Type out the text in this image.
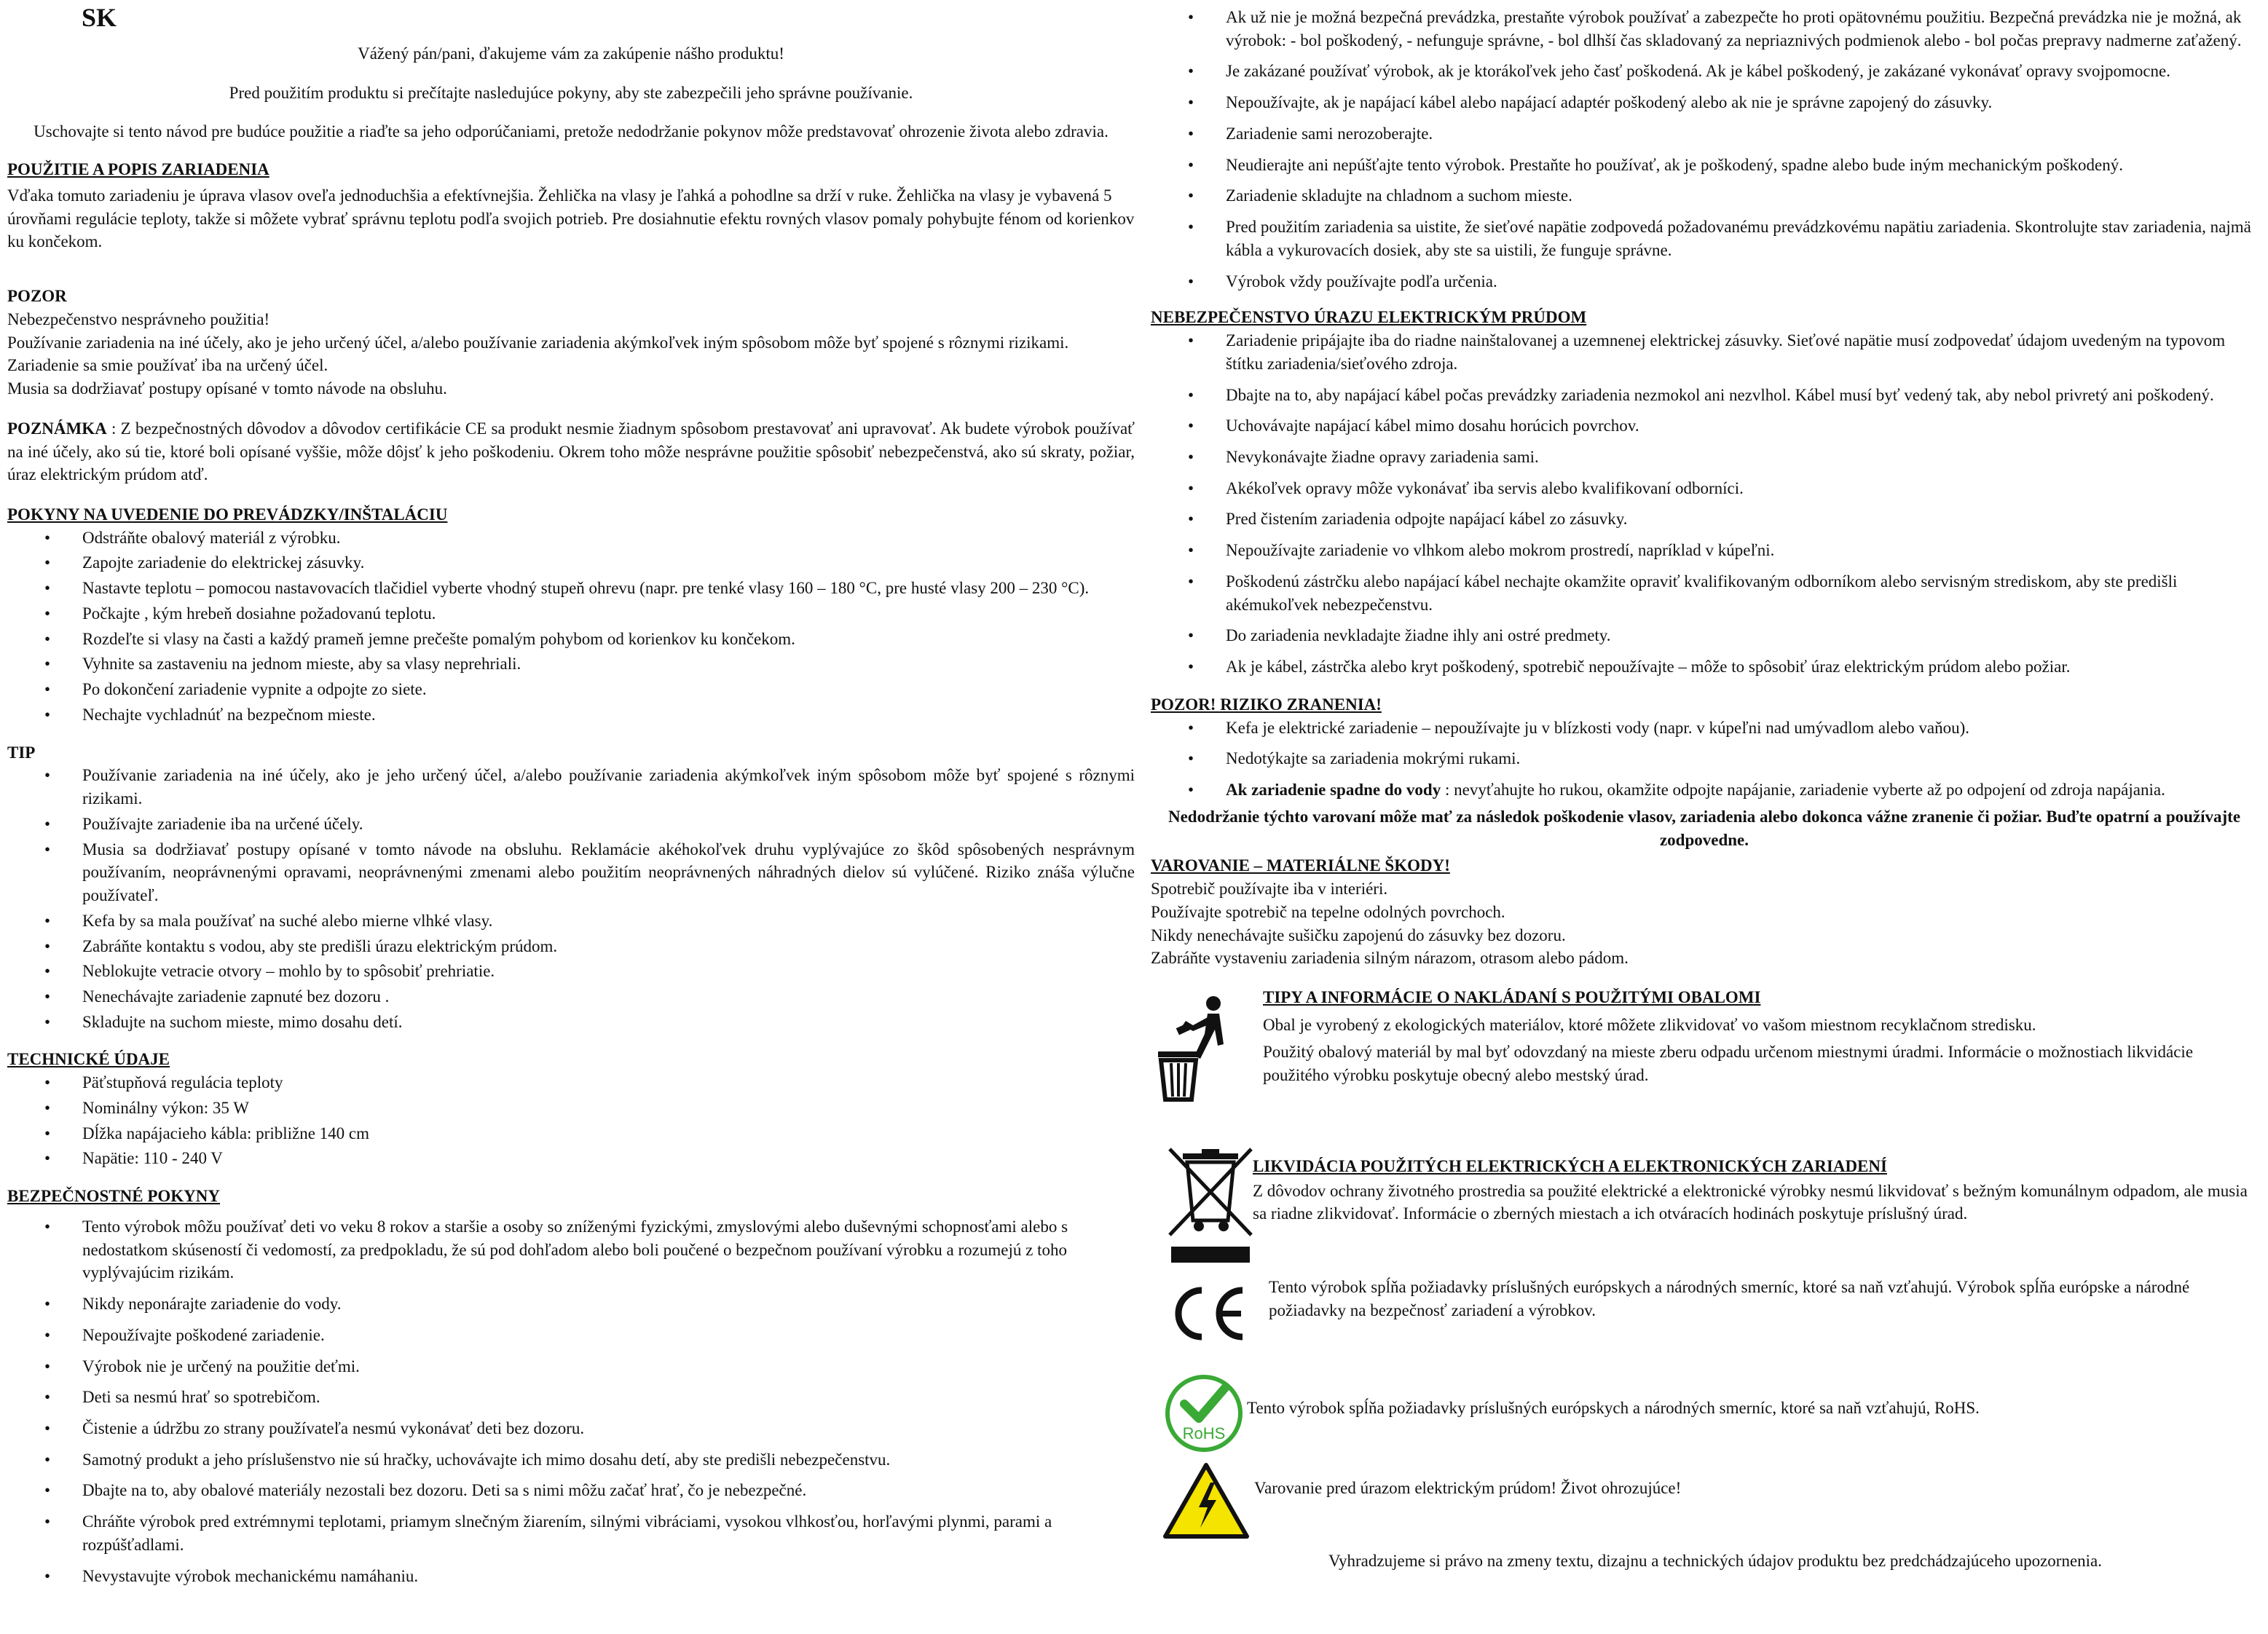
SK

Vážený pán/pani, ďakujeme vám za zakúpenie nášho produktu!

Pred použitím produktu si prečítajte nasledujúce pokyny, aby ste zabezpečili jeho správne používanie.

Uschovajte si tento návod pre budúce použitie a riaďte sa jeho odporúčaniami, pretože nedodržanie pokynov môže predstavovať ohrozenie života alebo zdravia.

POUŽITIE A POPIS ZARIADENIA

Vďaka tomuto zariadeniu je úprava vlasov oveľa jednoduchšia a efektívnejšia. Žehlička na vlasy je ľahká a pohodlne sa drží v ruke. Žehlička na vlasy je vybavená 5 úrovňami regulácie teploty, takže si môžete vybrať správnu teplotu podľa svojich potrieb. Pre dosiahnutie efektu rovných vlasov pomaly pohybujte fénom od korienkov ku končekom.

POZOR

Nebezpečenstvo nesprávneho použitia!

Používanie zariadenia na iné účely, ako je jeho určený účel, a/alebo používanie zariadenia akýmkoľvek iným spôsobom môže byť spojené s rôznymi rizikami.

Zariadenie sa smie používať iba na určený účel.

Musia sa dodržiavať postupy opísané v tomto návode na obsluhu.

POZNÁMKA : Z bezpečnostných dôvodov a dôvodov certifikácie CE sa produkt nesmie žiadnym spôsobom prestavovať ani upravovať. Ak budete výrobok používať na iné účely, ako sú tie, ktoré boli opísané vyššie, môže dôjsť k jeho poškodeniu. Okrem toho môže nesprávne použitie spôsobiť nebezpečenstvá, ako sú skraty, požiar, úraz elektrickým prúdom atď.

POKYNY NA UVEDENIE DO PREVÁDZKY/INŠTALÁCIU
• Odstráňte obalový materiál z výrobku.
• Zapojte zariadenie do elektrickej zásuvky.
• Nastavte teplotu – pomocou nastavovacích tlačidiel vyberte vhodný stupeň ohrevu (napr. pre tenké vlasy 160 – 180 °C, pre husté vlasy 200 – 230 °C).
• Počkajte , kým hrebeň dosiahne požadovanú teplotu.
• Rozdeľte si vlasy na časti a každý prameň jemne prečešte pomalým pohybom od korienkov ku končekom.
• Vyhnite sa zastaveniu na jednom mieste, aby sa vlasy neprehriali.
• Po dokončení zariadenie vypnite a odpojte zo siete.
• Nechajte vychladnúť na bezpečnom mieste.
TIP
• Používanie zariadenia na iné účely, ako je jeho určený účel, a/alebo používanie zariadenia akýmkoľvek iným spôsobom môže byť spojené s rôznymi rizikami.
• Používajte zariadenie iba na určené účely.
• Musia sa dodržiavať postupy opísané v tomto návode na obsluhu. Reklamácie akéhokoľvek druhu vyplývajúce zo škôd spôsobených nesprávnym používaním, neoprávnenými opravami, neoprávnenými zmenami alebo použitím neoprávnených náhradných dielov sú vylúčené. Riziko znáša výlučne používateľ.
• Kefa by sa mala používať na suché alebo mierne vlhké vlasy.
• Zabráňte kontaktu s vodou, aby ste predišli úrazu elektrickým prúdom.
• Neblokujte vetracie otvory – mohlo by to spôsobiť prehriatie.
• Nenechávajte zariadenie zapnuté bez dozoru .
• Skladujte na suchom mieste, mimo dosahu detí.
TECHNICKÉ ÚDAJE
• Päťstupňová regulácia teploty
• Nominálny výkon: 35 W
• Dĺžka napájacieho kábla: približne 140 cm
• Napätie: 110 - 240 V
BEZPEČNOSTNÉ POKYNY
• Tento výrobok môžu používať deti vo veku 8 rokov a staršie a osoby so zníženými fyzickými, zmyslovými alebo duševnými schopnosťami alebo s nedostatkom skúseností či vedomostí, za predpokladu, že sú pod dohľadom alebo boli poučené o bezpečnom používaní výrobku a rozumejú z toho vyplývajúcim rizikám.
• Nikdy neponárajte zariadenie do vody.
• Nepoužívajte poškodené zariadenie.
• Výrobok nie je určený na použitie deťmi.
• Deti sa nesmú hrať so spotrebičom.
• Čistenie a údržbu zo strany používateľa nesmú vykonávať deti bez dozoru.
• Samotný produkt a jeho príslušenstvo nie sú hračky, uchovávajte ich mimo dosahu detí, aby ste predišli nebezpečenstvu.
• Dbajte na to, aby obalové materiály nezostali bez dozoru. Deti sa s nimi môžu začať hrať, čo je nebezpečné.
• Chráňte výrobok pred extrémnymi teplotami, priamym slnečným žiarením, silnými vibráciami, vysokou vlhkosťou, horľavými plynmi, parami a rozpúšťadlami.
• Nevystavujte výrobok mechanickému namáhaniu.
• Ak už nie je možná bezpečná prevádzka, prestaňte výrobok používať a zabezpečte ho proti opätovnému použitiu. Bezpečná prevádzka nie je možná, ak výrobok: - bol poškodený, - nefunguje správne, - bol dlhší čas skladovaný za nepriaznivých podmienok alebo - bol počas prepravy nadmerne zaťažený.
• Je zakázané používať výrobok, ak je ktorákoľvek jeho časť poškodená. Ak je kábel poškodený, je zakázané vykonávať opravy svojpomocne.
• Nepoužívajte, ak je napájací kábel alebo napájací adaptér poškodený alebo ak nie je správne zapojený do zásuvky.
• Zariadenie sami nerozoberajte.
• Neudierajte ani nepúšťajte tento výrobok. Prestaňte ho používať, ak je poškodený, spadne alebo bude iným mechanickým poškodený.
• Zariadenie skladujte na chladnom a suchom mieste.
• Pred použitím zariadenia sa uistite, že sieťové napätie zodpovedá požadovanému prevádzkovému napätiu zariadenia. Skontrolujte stav zariadenia, najmä kábla a vykurovacích dosiek, aby ste sa uistili, že funguje správne.
• Výrobok vždy používajte podľa určenia.
NEBEZPEČENSTVO ÚRAZU ELEKTRICKÝM PRÚDOM
• Zariadenie pripájajte iba do riadne nainštalovanej a uzemnenej elektrickej zásuvky. Sieťové napätie musí zodpovedať údajom uvedeným na typovom štítku zariadenia/sieťového zdroja.
• Dbajte na to, aby napájací kábel počas prevádzky zariadenia nezmokol ani nezvlhol. Kábel musí byť vedený tak, aby nebol privretý ani poškodený.
• Uchovávajte napájací kábel mimo dosahu horúcich povrchov.
• Nevykonávajte žiadne opravy zariadenia sami.
• Akékoľvek opravy môže vykonávať iba servis alebo kvalifikovaní odborníci.
• Pred čistením zariadenia odpojte napájací kábel zo zásuvky.
• Nepoužívajte zariadenie vo vlhkom alebo mokrom prostredí, napríklad v kúpeľni.
• Poškodenú zástrčku alebo napájací kábel nechajte okamžite opraviť kvalifikovaným odborníkom alebo servisným strediskom, aby ste predišli akémukoľvek nebezpečenstvu.
• Do zariadenia nevkladajte žiadne ihly ani ostré predmety.
• Ak je kábel, zástrčka alebo kryt poškodený, spotrebič nepoužívajte – môže to spôsobiť úraz elektrickým prúdom alebo požiar.
POZOR! RIZIKO ZRANENIA!
• Kefa je elektrické zariadenie – nepoužívajte ju v blízkosti vody (napr. v kúpeľni nad umývadlom alebo vaňou).
• Nedotýkajte sa zariadenia mokrými rukami.
• Ak zariadenie spadne do vody : nevyťahujte ho rukou, okamžite odpojte napájanie, zariadenie vyberte až po odpojení od zdroja napájania.

Nedodržanie týchto varovaní môže mať za následok poškodenie vlasov, zariadenia alebo dokonca vážne zranenie či požiar. Buďte opatrní a používajte zodpovedne.

VAROVANIE – MATERIÁLNE ŠKODY!

Spotrebič používajte iba v interiéri.

Používajte spotrebič na tepelne odolných povrchoch.

Nikdy nenechávajte sušičku zapojenú do zásuvky bez dozoru.

Zabráňte vystaveniu zariadenia silným nárazom, otrasom alebo pádom.

TIPY A INFORMÁCIE O NAKLÁDANÍ S POUŽITÝMI OBALOMI

Obal je vyrobený z ekologických materiálov, ktoré môžete zlikvidovať vo vašom miestnom recyklačnom stredisku.

Použitý obalový materiál by mal byť odovzdaný na mieste zberu odpadu určenom miestnymi úradmi. Informácie o možnostiach likvidácie použitého výrobku poskytuje obecný alebo mestský úrad.

LIKVIDÁCIA POUŽITÝCH ELEKTRICKÝCH A ELEKTRONICKÝCH ZARIADENÍ

Z dôvodov ochrany životného prostredia sa použité elektrické a elektronické výrobky nesmú likvidovať s bežným komunálnym odpadom, ale musia sa riadne zlikvidovať. Informácie o zberných miestach a ich otváracích hodinách poskytuje príslušný úrad.

Tento výrobok spĺňa požiadavky príslušných európskych a národných smerníc, ktoré sa naň vzťahujú. Výrobok spĺňa európske a národné požiadavky na bezpečnosť zariadení a výrobkov.

RoHS

Tento výrobok spĺňa požiadavky príslušných európskych a národných smerníc, ktoré sa naň vzťahujú, RoHS.

Varovanie pred úrazom elektrickým prúdom! Život ohrozujúce!

Vyhradzujeme si právo na zmeny textu, dizajnu a technických údajov produktu bez predchádzajúceho upozornenia.
